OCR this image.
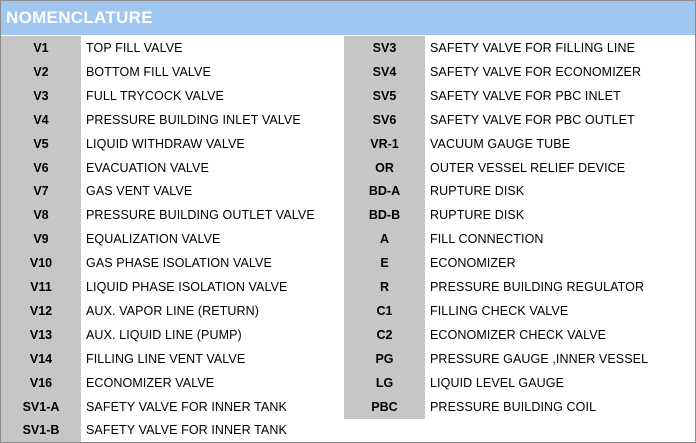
NOMENCLATURE
V1	TOP FILL VALVE
V2	BOTTOM FILL VALVE
V3	FULL TRYCOCK VALVE
V4	PRESSURE BUILDING INLET VALVE
V5	LIQUID WITHDRAW VALVE
V6	EVACUATION VALVE
V7	GAS VENT VALVE
V8	PRESSURE BUILDING OUTLET VALVE
V9	EQUALIZATION VALVE
V10	GAS PHASE ISOLATION VALVE
V11	LIQUID PHASE ISOLATION VALVE
V12	AUX. VAPOR LINE (RETURN)
V13	AUX. LIQUID LINE (PUMP)
V14	FILLING LINE VENT VALVE
V16	ECONOMIZER VALVE
SV1-A	SAFETY VALVE FOR INNER TANK
SV1-B	SAFETY VALVE FOR INNER TANK
SV3	SAFETY VALVE FOR FILLING LINE
SV4	SAFETY VALVE FOR ECONOMIZER
SV5	SAFETY VALVE FOR PBC INLET
SV6	SAFETY VALVE FOR PBC OUTLET
VR-1	VACUUM GAUGE TUBE
OR	OUTER VESSEL RELIEF DEVICE
BD-A	RUPTURE DISK
BD-B	RUPTURE DISK
A	FILL CONNECTION
E	ECONOMIZER
R	PRESSURE BUILDING REGULATOR
C1	FILLING CHECK VALVE
C2	ECONOMIZER CHECK VALVE
PG	PRESSURE GAUGE ,INNER VESSEL
LG	LIQUID LEVEL GAUGE
PBC	PRESSURE BUILDING COIL
